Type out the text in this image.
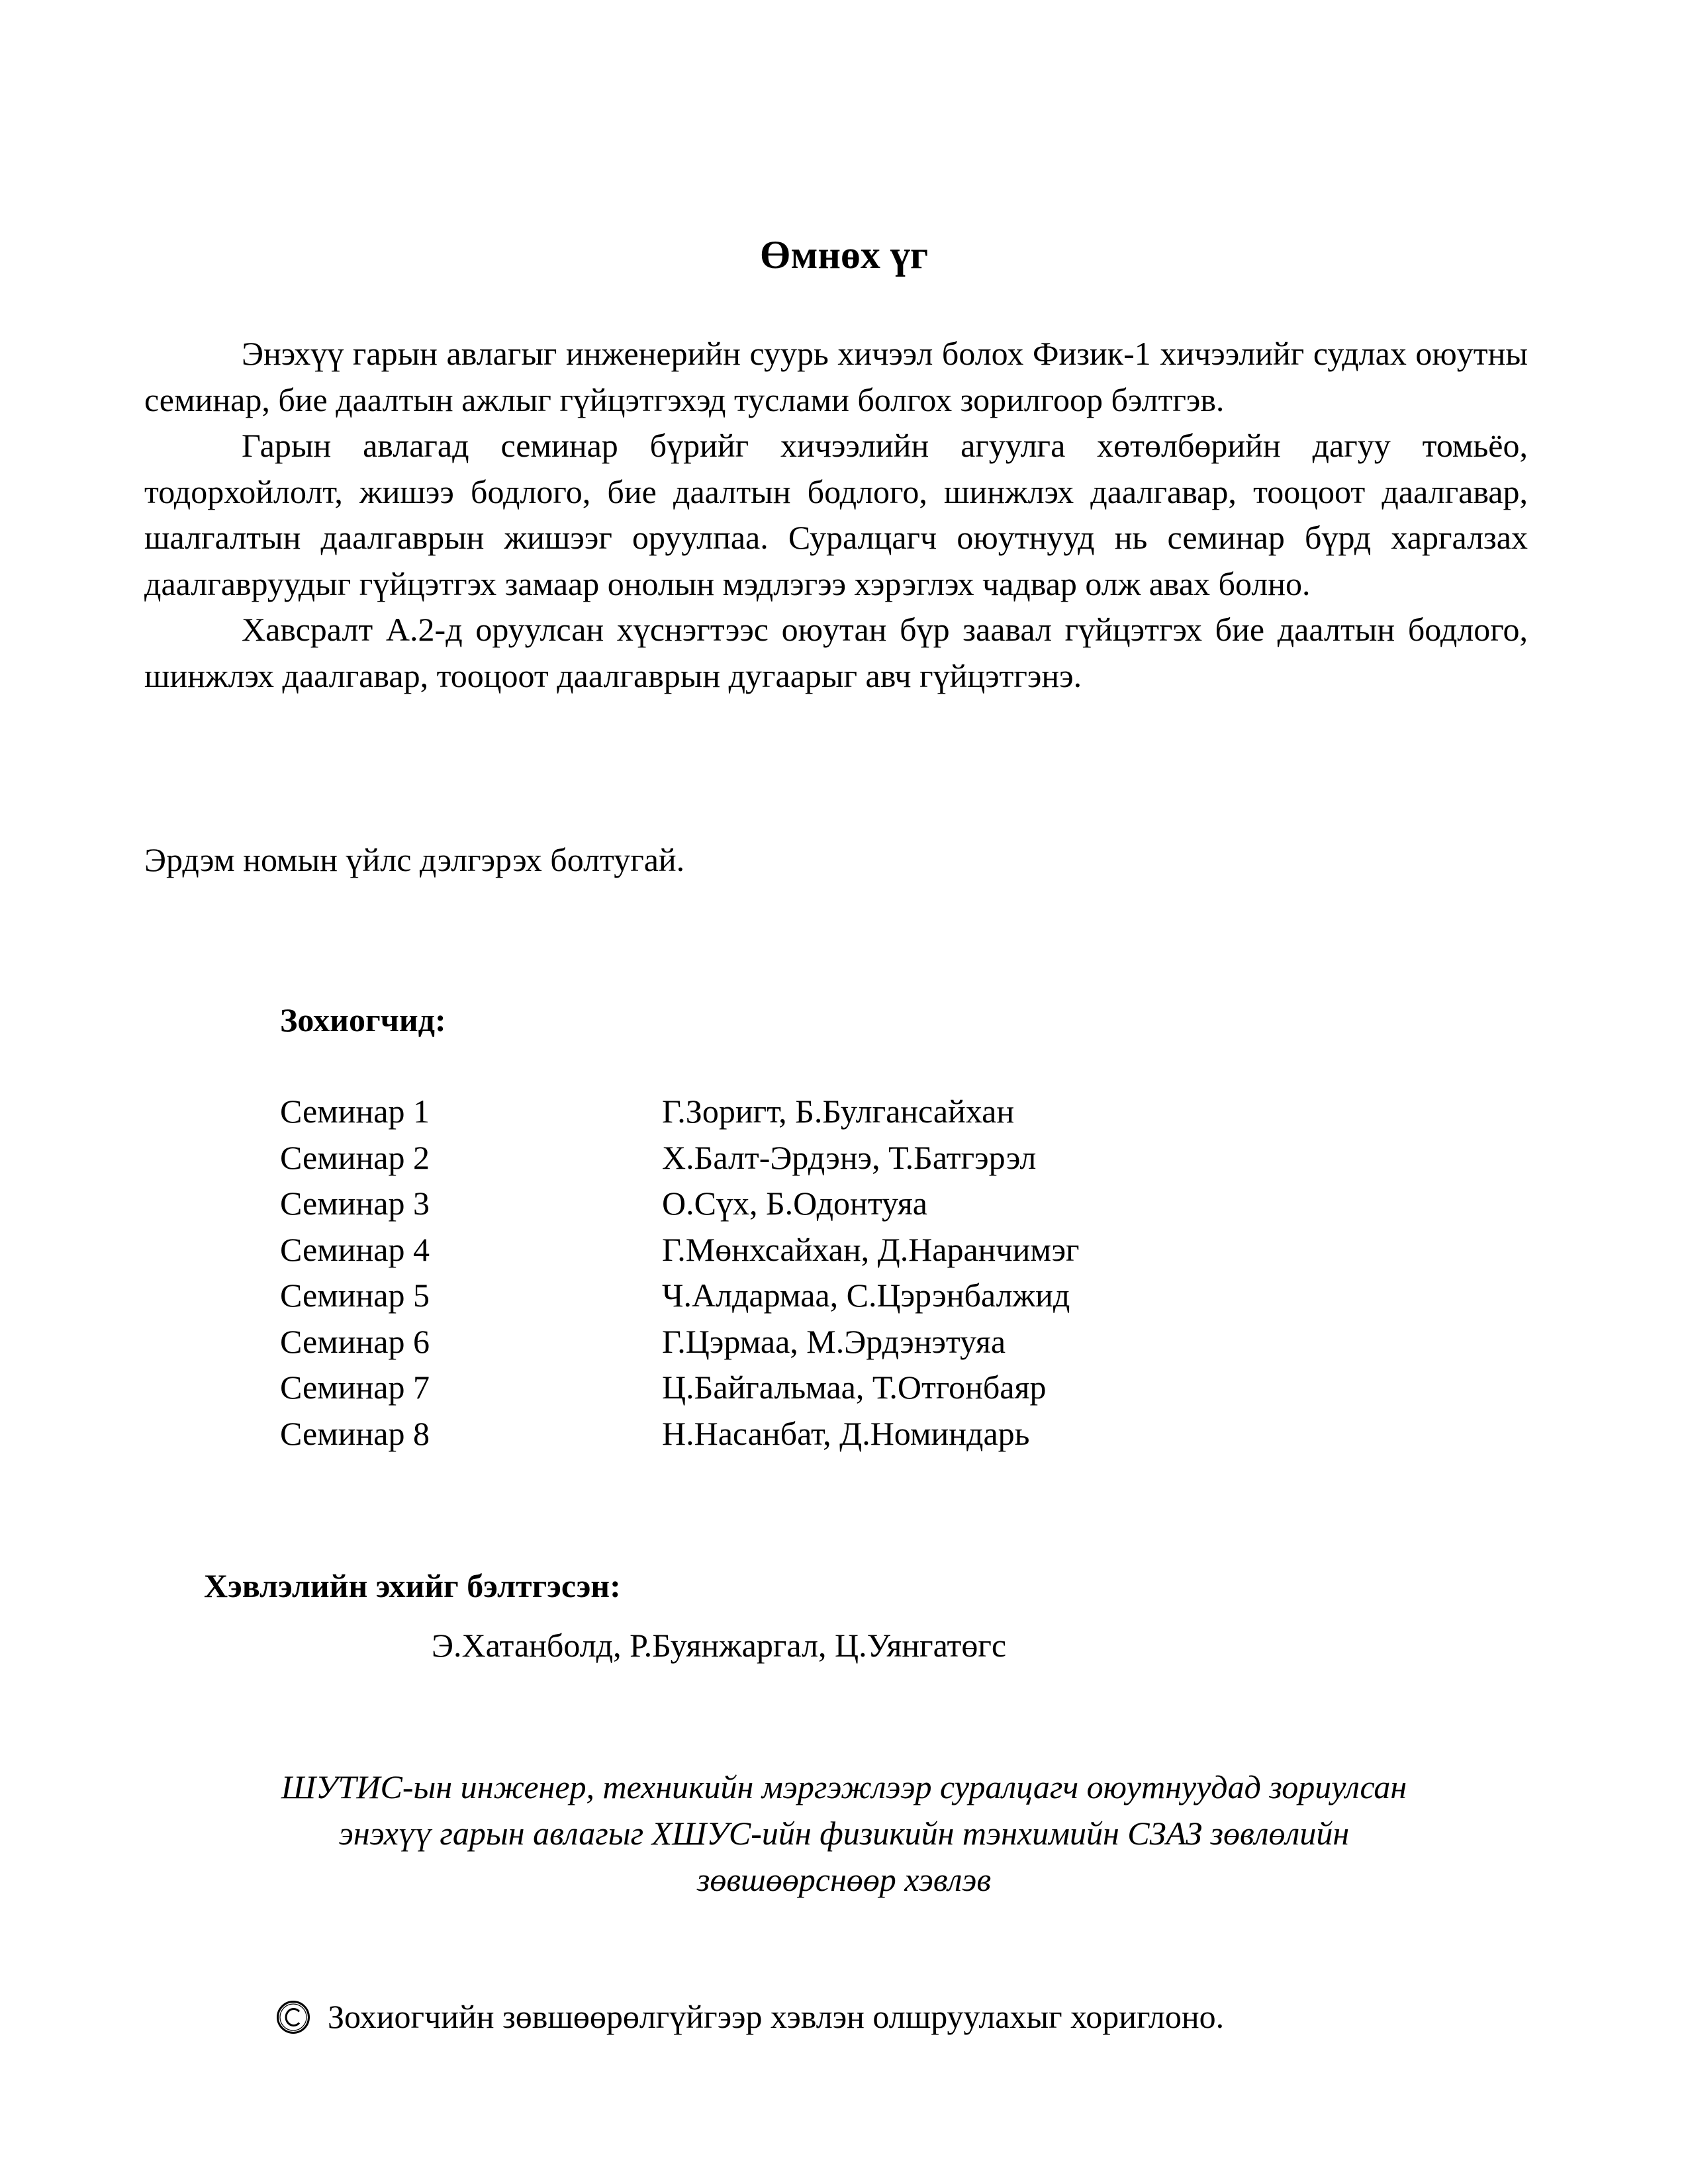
Өмнөх үг

Энэхүү гарын авлагыг инженерийн суурь хичээл болох Физик-1 хичээлийг судлах оюутны семинар, бие даалтын ажлыг гүйцэтгэхэд туслами болгох зорилгоор бэлтгэв.

Гарын авлагад семинар бүрийг хичээлийн агуулга хөтөлбөрийн дагуу томьёо, тодорхойлолт, жишээ бодлого, бие даалтын бодлого, шинжлэх даалгавар, тооцоот даалгавар, шалгалтын даалгаврын жишээг оруулпаа. Суралцагч оюутнууд нь семинар бүрд харгалзах даалгавруудыг гүйцэтгэх замаар онолын мэдлэгээ хэрэглэх чадвар олж авах болно.

Хавсралт А.2-д оруулсан хүснэгтээс оюутан бүр заавал гүйцэтгэх бие даалтын бодлого, шинжлэх даалгавар, тооцоот даалгаврын дугаарыг авч гүйцэтгэнэ.

Эрдэм номын үйлс дэлгэрэх болтугай.
Зохиогчид:
Семинар 1	Г.Зоригт, Б.Булгансайхан
Семинар 2	Х.Балт-Эрдэнэ, Т.Батгэрэл
Семинар 3	О.Сүх, Б.Одонтуяа
Семинар 4	Г.Мөнхсайхан, Д.Наранчимэг
Семинар 5	Ч.Алдармаа, С.Цэрэнбалжид
Семинар 6	Г.Цэрмаа, М.Эрдэнэтуяа
Семинар 7	Ц.Байгальмаа, Т.Отгонбаяр
Семинар 8	Н.Насанбат, Д.Номиндарь
Хэвлэлийн эхийг бэлтгэсэн:
Э.Хатанболд, Р.Буянжаргал, Ц.Уянгатөгс
ШУТИС-ын инженер, техникийн мэргэжлээр суралцагч оюутнуудад зориулсан
энэхүү гарын авлагыг ХШУС-ийн физикийн тэнхимийн СЗАЗ зөвлөлийн
зөвшөөрснөөр хэвлэв
Зохиогчийн зөвшөөрөлгүйгээр хэвлэн олшруулахыг хориглоно.
